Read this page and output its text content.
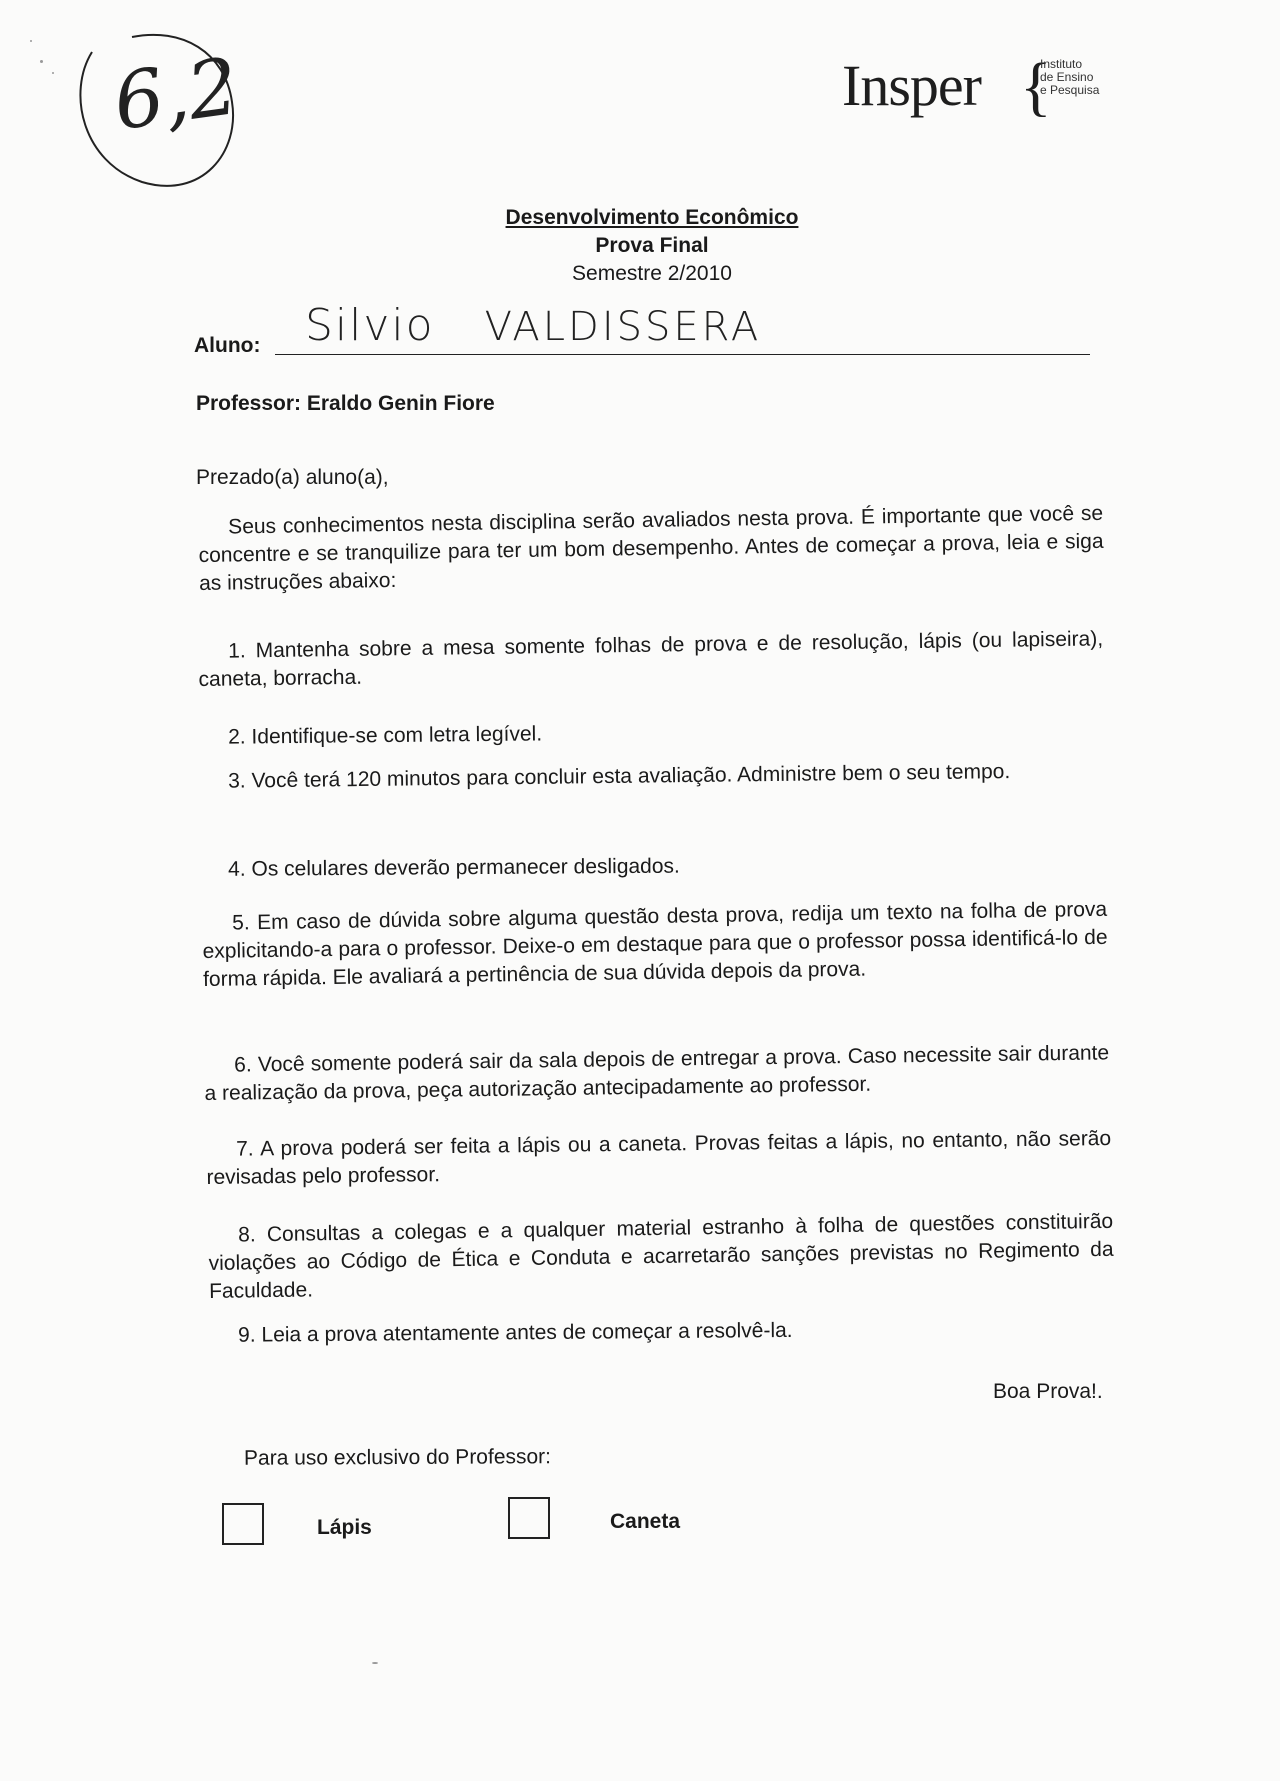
6,2	Insper {
Instituto
de Ensino
e Pesquisa
Desenvolvimento Econômico
Prova Final
Semestre 2/2010
Aluno: Silvio VALDISSERA
Professor: Eraldo Genin Fiore
Prezado(a) aluno(a),
Seus conhecimentos nesta disciplina serão avaliados nesta prova. É importante que você se concentre e se tranquilize para ter um bom desempenho. Antes de começar a prova, leia e siga as instruções abaixo:
1. Mantenha sobre a mesa somente folhas de prova e de resolução, lápis (ou lapiseira), caneta, borracha.
2. Identifique-se com letra legível.
3. Você terá 120 minutos para concluir esta avaliação. Administre bem o seu tempo.
4. Os celulares deverão permanecer desligados.
5. Em caso de dúvida sobre alguma questão desta prova, redija um texto na folha de prova explicitando-a para o professor. Deixe-o em destaque para que o professor possa identificá-lo de forma rápida. Ele avaliará a pertinência de sua dúvida depois da prova.
6. Você somente poderá sair da sala depois de entregar a prova. Caso necessite sair durante a realização da prova, peça autorização antecipadamente ao professor.
7. A prova poderá ser feita a lápis ou a caneta. Provas feitas a lápis, no entanto, não serão revisadas pelo professor.
8. Consultas a colegas e a qualquer material estranho à folha de questões constituirão violações ao Código de Ética e Conduta e acarretarão sanções previstas no Regimento da Faculdade.
9. Leia a prova atentamente antes de começar a resolvê-la.
Boa Prova!.
Para uso exclusivo do Professor:
Lápis	Caneta
